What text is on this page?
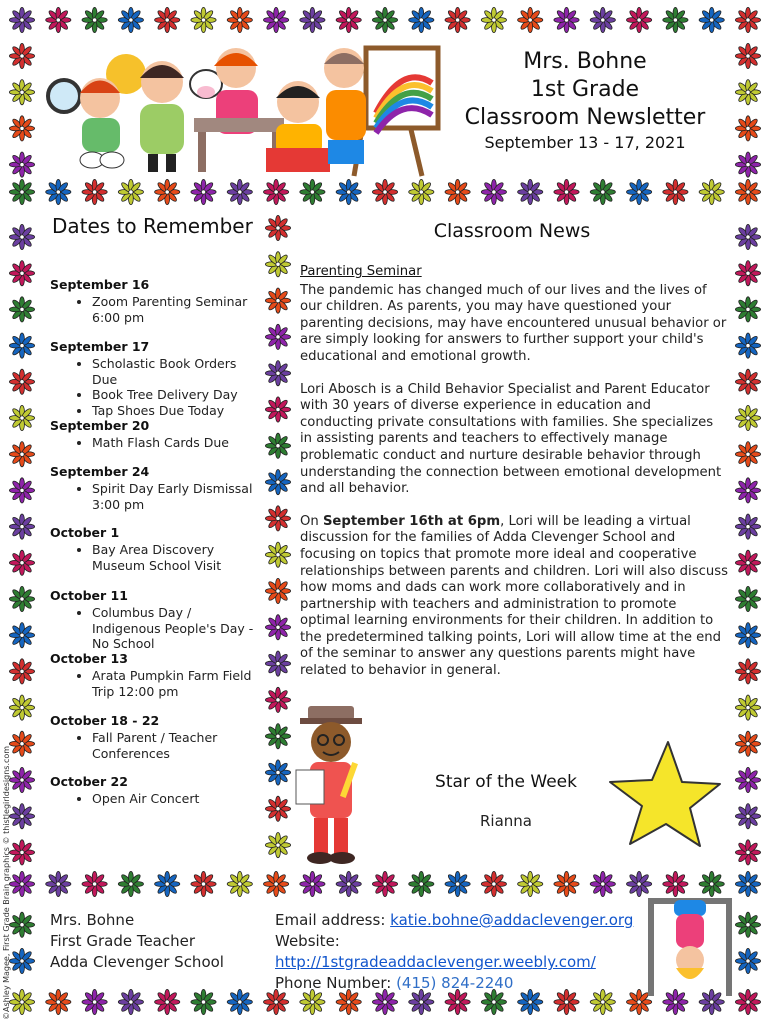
Mrs. Bohne
1st Grade
Classroom Newsletter
September 13 - 17, 2021
Dates to Remember
September 16
• Zoom Parenting Seminar 6:00 pm
September 17
• Scholastic Book Orders Due
• Book Tree Delivery Day
• Tap Shoes Due Today
September 20
• Math Flash Cards Due
September 24
• Spirit Day Early Dismissal 3:00 pm
October 1
• Bay Area Discovery Museum School Visit
October 11
• Columbus Day / Indigenous People's Day - No School
October 13
• Arata Pumpkin Farm Field Trip 12:00 pm
October 18 - 22
• Fall Parent / Teacher Conferences
October 22
• Open Air Concert
Classroom News
Parenting Seminar

The pandemic has changed much of our lives and the lives of our children. As parents, you may have questioned your parenting decisions, may have encountered unusual behavior or are simply looking for answers to further support your child's educational and emotional growth.

Lori Abosch is a Child Behavior Specialist and Parent Educator with 30 years of diverse experience in education and conducting private consultations with families. She specializes in assisting parents and teachers to effectively manage problematic conduct and nurture desirable behavior through understanding the connection between emotional development and all behavior.

On September 16th at 6pm, Lori will be leading a virtual discussion for the families of Adda Clevenger School and focusing on topics that promote more ideal and cooperative relationships between parents and children. Lori will also discuss how moms and dads can work more collaboratively and in partnership with teachers and administration to promote optimal learning environments for their children. In addition to the predetermined talking points, Lori will allow time at the end of the seminar to answer any questions parents might have related to behavior in general.

Star of the Week
Rianna
Mrs. Bohne
First Grade Teacher
Adda Clevenger School
Email address: katie.bohne@addaclevenger.org
Website: http://1stgradeaddaclevenger.weebly.com/
Phone Number: (415) 824-2240
©Ashley Magee, First Grade Brain graphics © thistlegirldesigns.com
